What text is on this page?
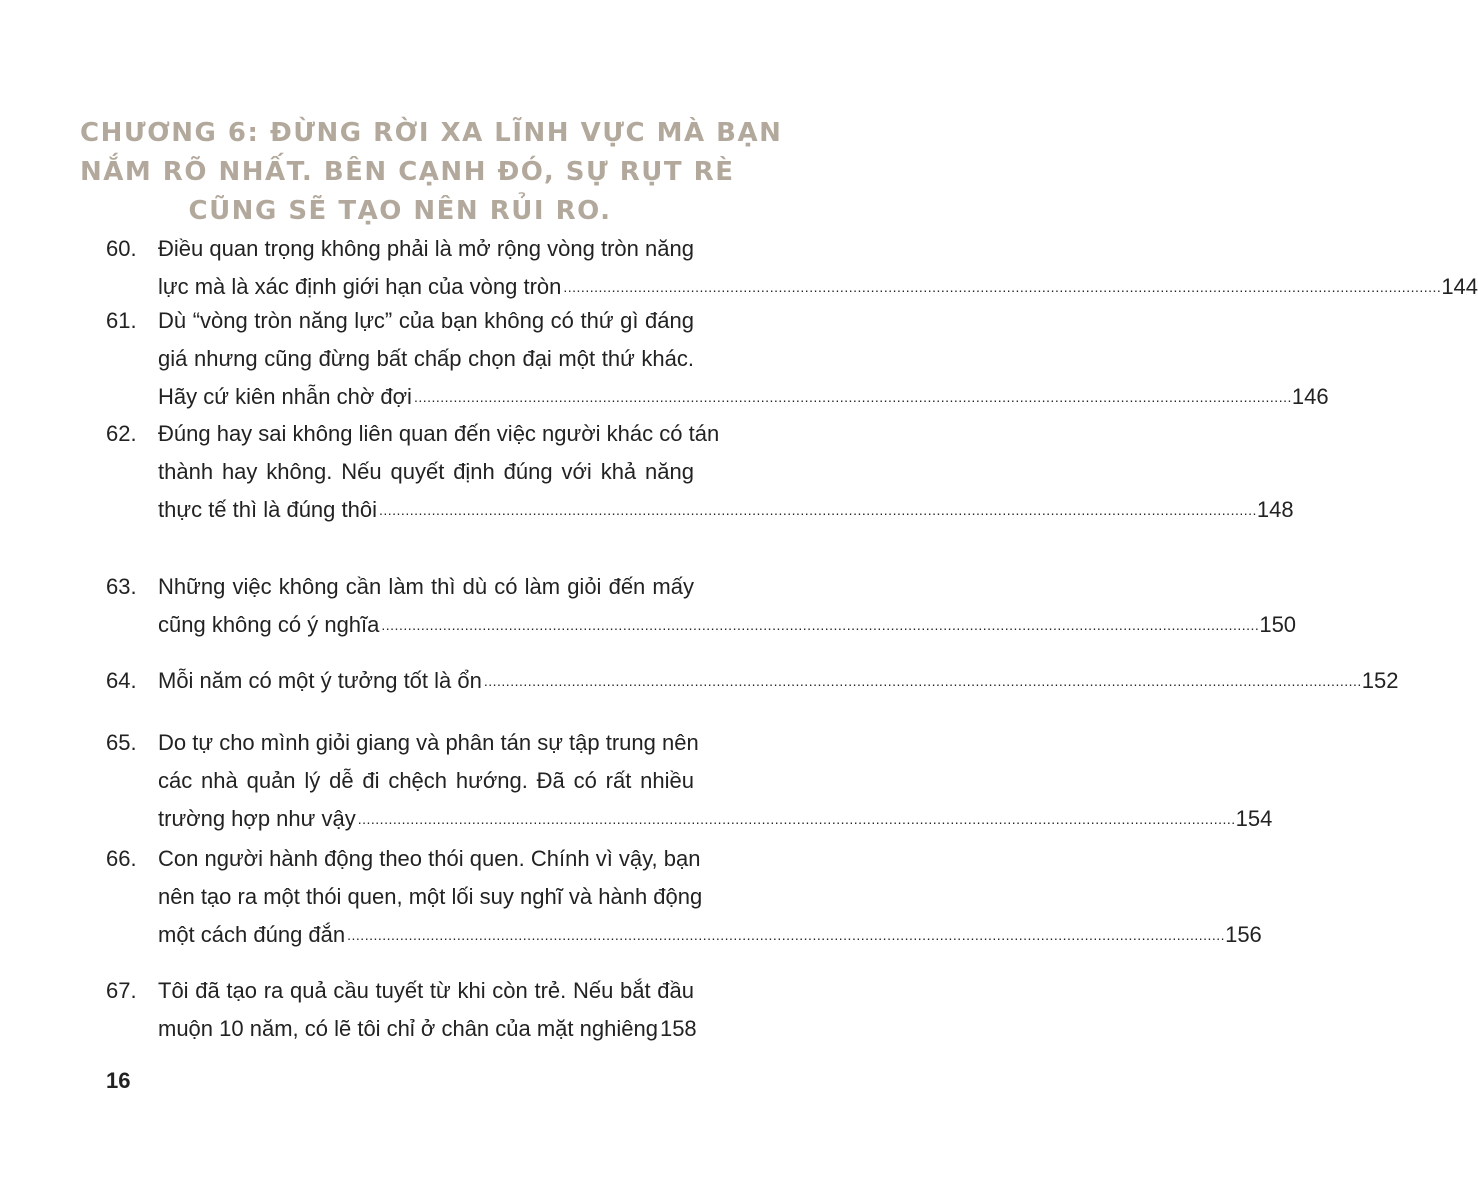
CHƯƠNG 6: ĐỪNG RỜI XA LĨNH VỰC MÀ BẠN
NẮM RÕ NHẤT. BÊN CẠNH ĐÓ, SỰ RỤT RÈ
CŨNG SẼ TẠO NÊN RỦI RO.
60. Điều quan trọng không phải là mở rộng vòng tròn năng
lực mà là xác định giới hạn của vòng tròn ........................................................................................................................................................................................................ 144
61. Dù “vòng tròn năng lực” của bạn không có thứ gì đáng
giá nhưng cũng đừng bất chấp chọn đại một thứ khác.
Hãy cứ kiên nhẫn chờ đợi ........................................................................................................................................................................................................ 146
62. Đúng hay sai không liên quan đến việc người khác có tán
thành hay không. Nếu quyết định đúng với khả năng
thực tế thì là đúng thôi ........................................................................................................................................................................................................ 148
63. Những việc không cần làm thì dù có làm giỏi đến mấy
cũng không có ý nghĩa ........................................................................................................................................................................................................ 150
64. Mỗi năm có một ý tưởng tốt là ổn ........................................................................................................................................................................................................ 152
65. Do tự cho mình giỏi giang và phân tán sự tập trung nên
các nhà quản lý dễ đi chệch hướng. Đã có rất nhiều
trường hợp như vậy ........................................................................................................................................................................................................ 154
66. Con người hành động theo thói quen. Chính vì vậy, bạn
nên tạo ra một thói quen, một lối suy nghĩ và hành động
một cách đúng đắn ........................................................................................................................................................................................................ 156
67. Tôi đã tạo ra quả cầu tuyết từ khi còn trẻ. Nếu bắt đầu
muộn 10 năm, có lẽ tôi chỉ ở chân của mặt nghiêng 158
16
